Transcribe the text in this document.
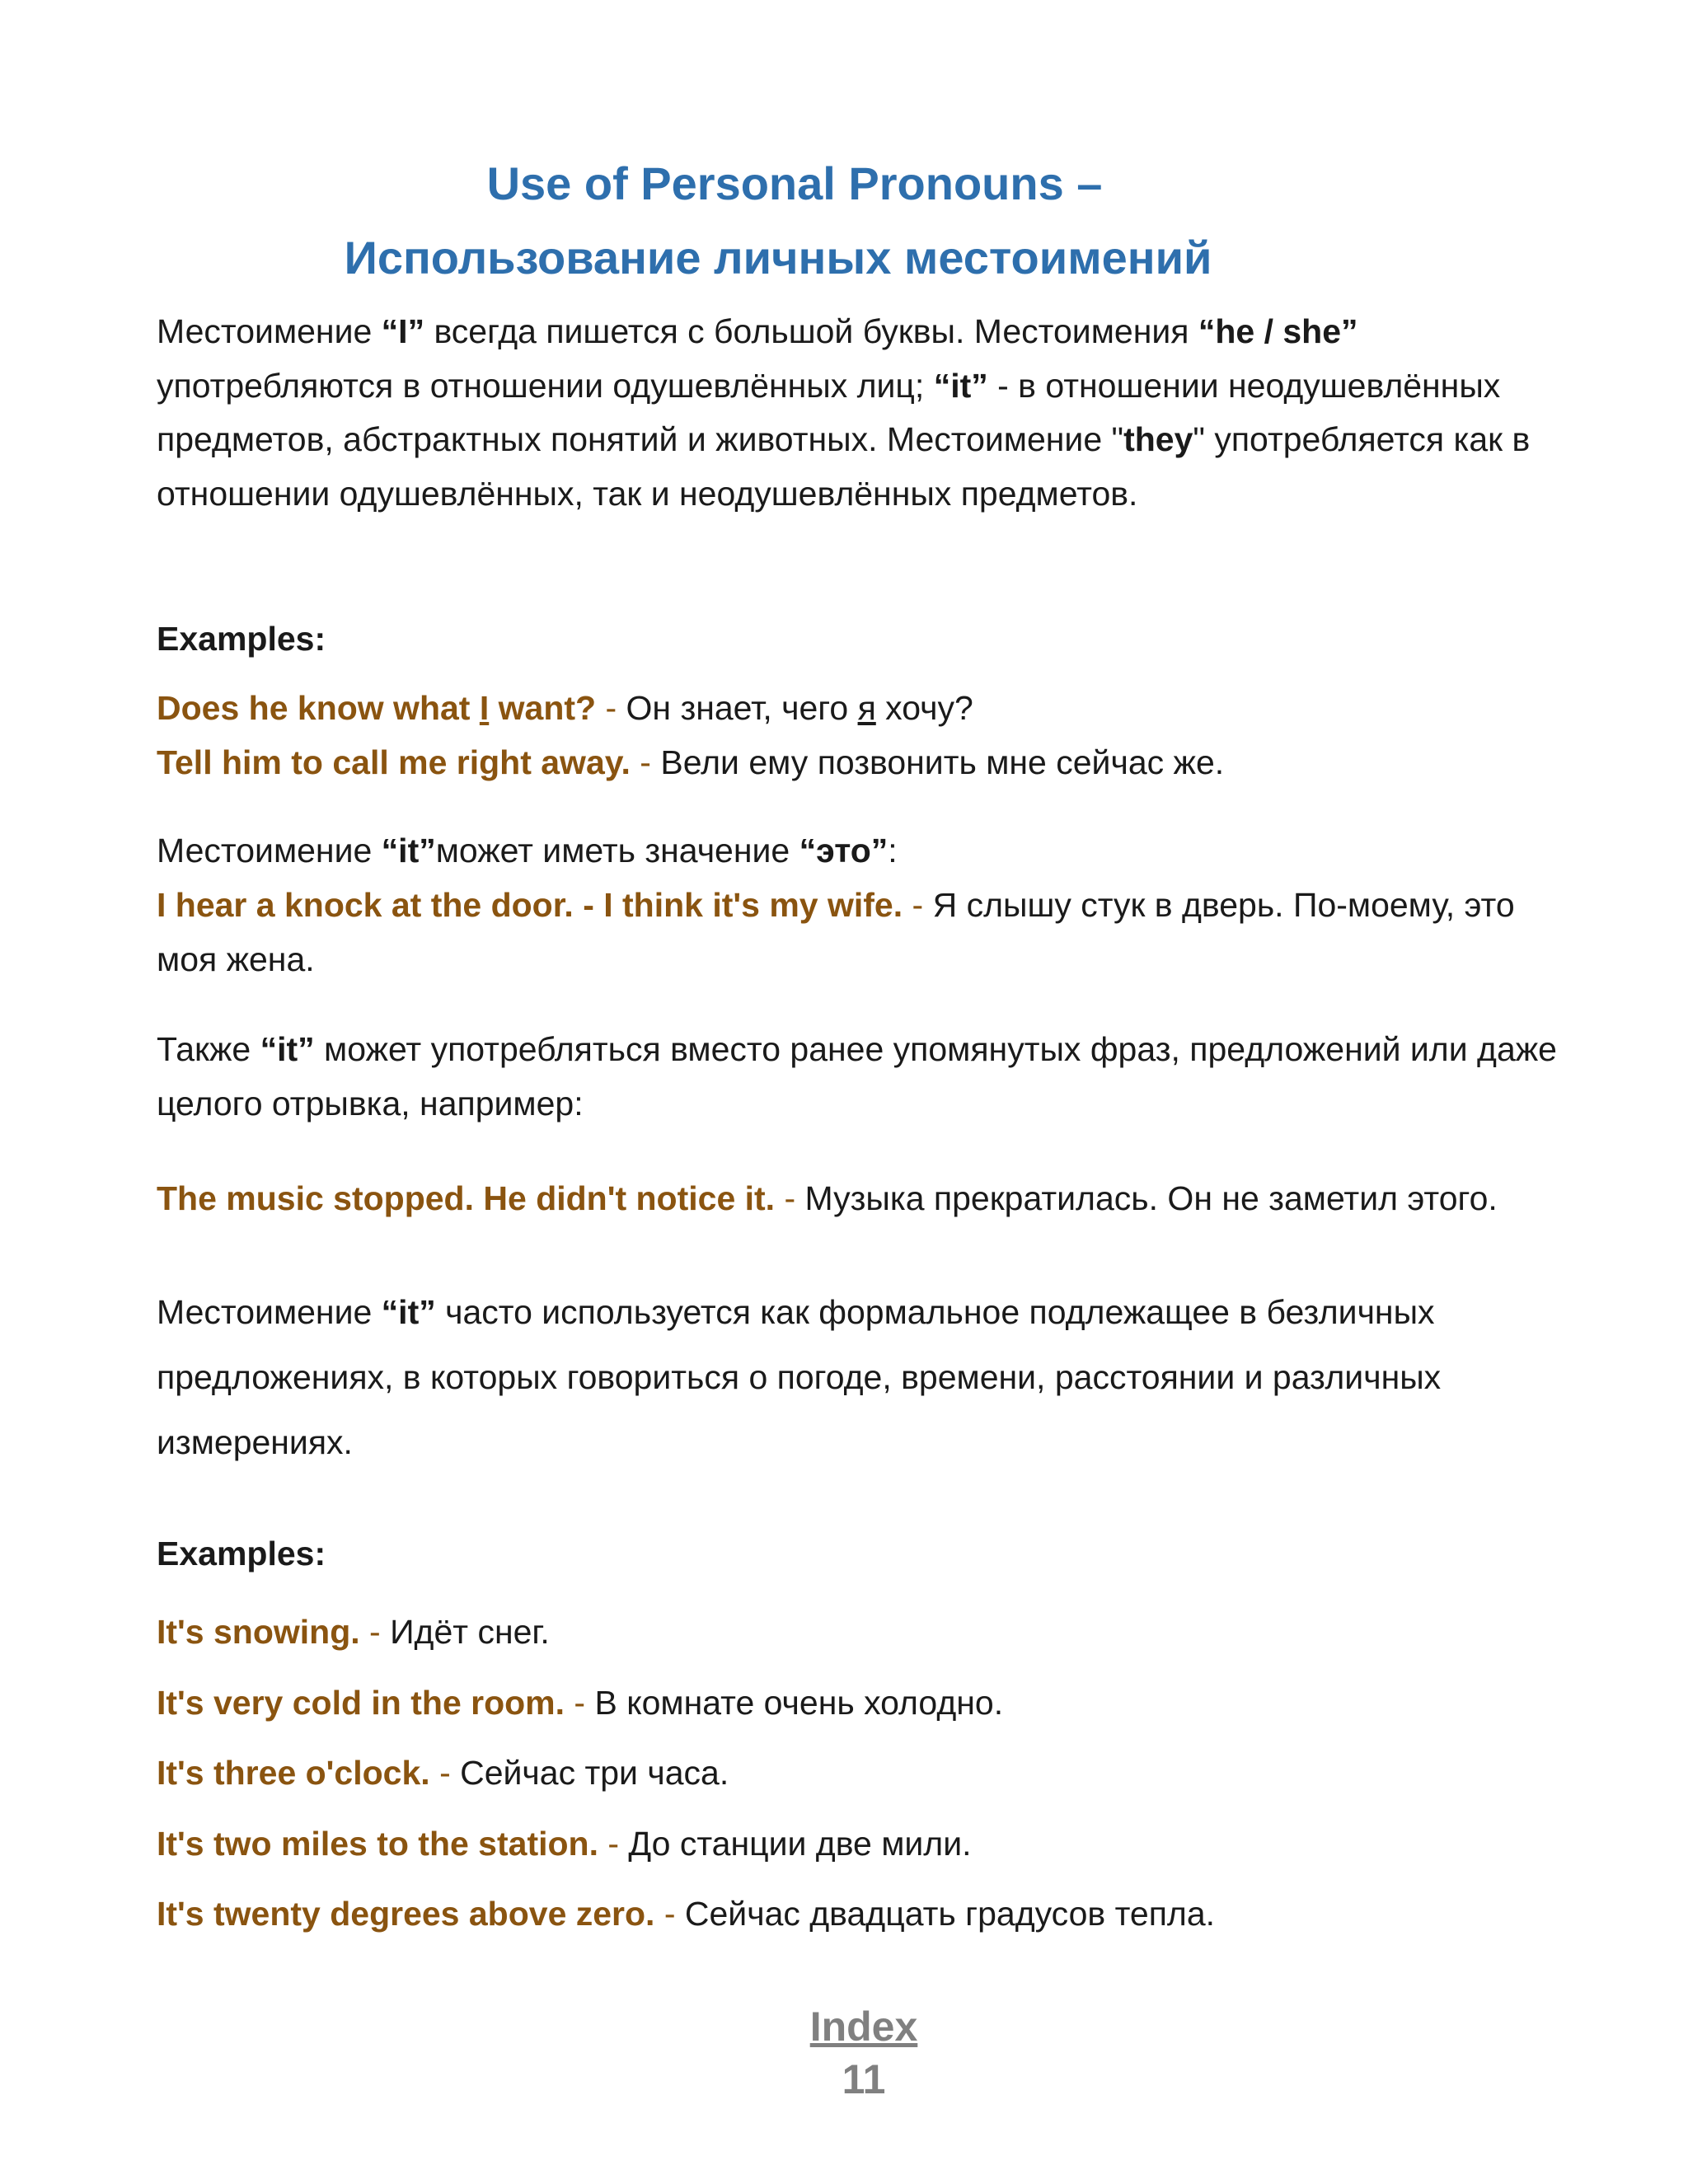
Use of Personal Pronouns –
Использование личных местоимений

Местоимение “I” всегда пишется с большой буквы. Местоимения “he / she” употребляются в отношении одушевлённых лиц; “it” - в отношении неодушевлённых предметов, абстрактных понятий и животных. Местоимение "they" употребляется как в отношении одушевлённых, так и неодушевлённых предметов.

Examples:

Does he know what I want? - Он знает, чего я хочу?
Tell him to call me right away. - Вели ему позвонить мне сейчас же.
Местоимение “it”может иметь значение “это”:
I hear a knock at the door. - I think it's my wife. - Я слышу стук в дверь. По-моему, это моя жена.

Также “it” может употребляться вместо ранее упомянутых фраз, предложений или даже целого отрывка, например:

The music stopped. He didn't notice it. - Музыка прекратилась. Он не заметил этого.

Местоимение “it” часто используется как формальное подлежащее в безличных предложениях, в которых говориться о погоде, времени, расстоянии и различных измерениях.

Examples:

It's snowing. - Идёт снег.
It's very cold in the room. - В комнате очень холодно.
It's three o'clock. - Сейчас три часа.
It's two miles to the station. - До станции две мили.
It's twenty degrees above zero. - Сейчас двадцать градусов тепла.
Index
11
